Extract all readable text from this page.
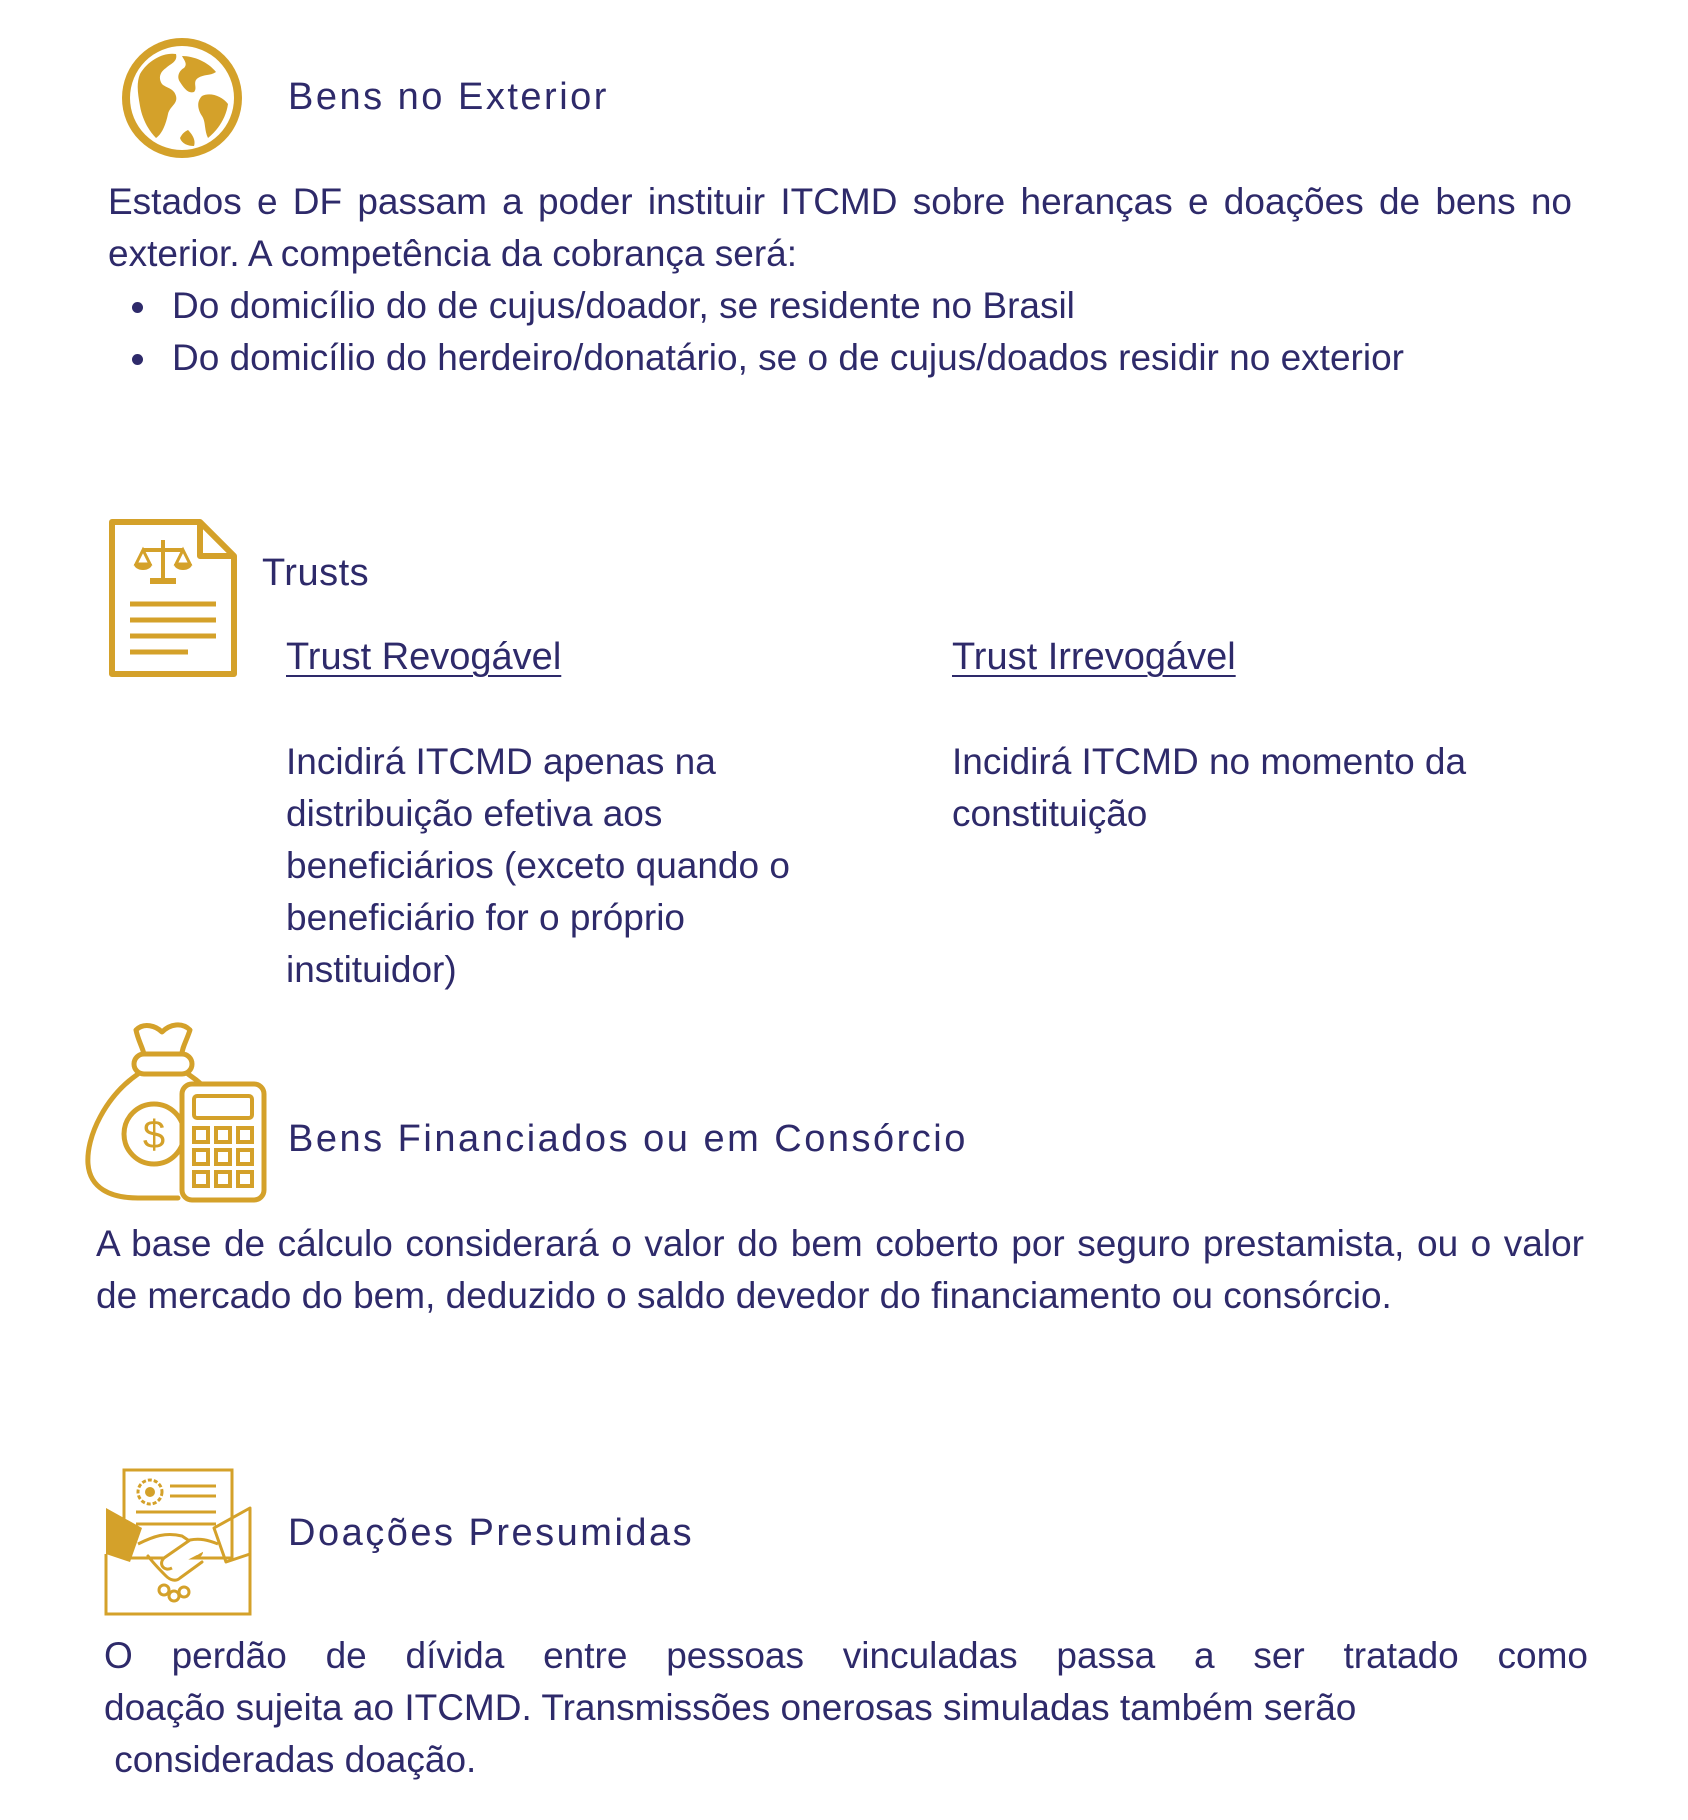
Bens no Exterior
Estados e DF passam a poder instituir ITCMD sobre heranças e doações de bens no exterior. A competência da cobrança será:
Do domicílio do de cujus/doador, se residente no Brasil
Do domicílio do herdeiro/donatário, se o de cujus/doados residir no exterior
Trusts
Trust Revogável
Incidirá ITCMD apenas na distribuição efetiva aos beneficiários (exceto quando o beneficiário for o próprio instituidor)
Trust Irrevogável
Incidirá ITCMD no momento da constituição
$	Bens Financiados ou em Consórcio
A base de cálculo considerará o valor do bem coberto por seguro prestamista, ou o valor de mercado do bem, deduzido o saldo devedor do financiamento ou consórcio.
Doações Presumidas
O perdão de dívida entre pessoas vinculadas passa a ser tratado como
doação sujeita ao ITCMD. Transmissões onerosas simuladas também serão
consideradas doação.
